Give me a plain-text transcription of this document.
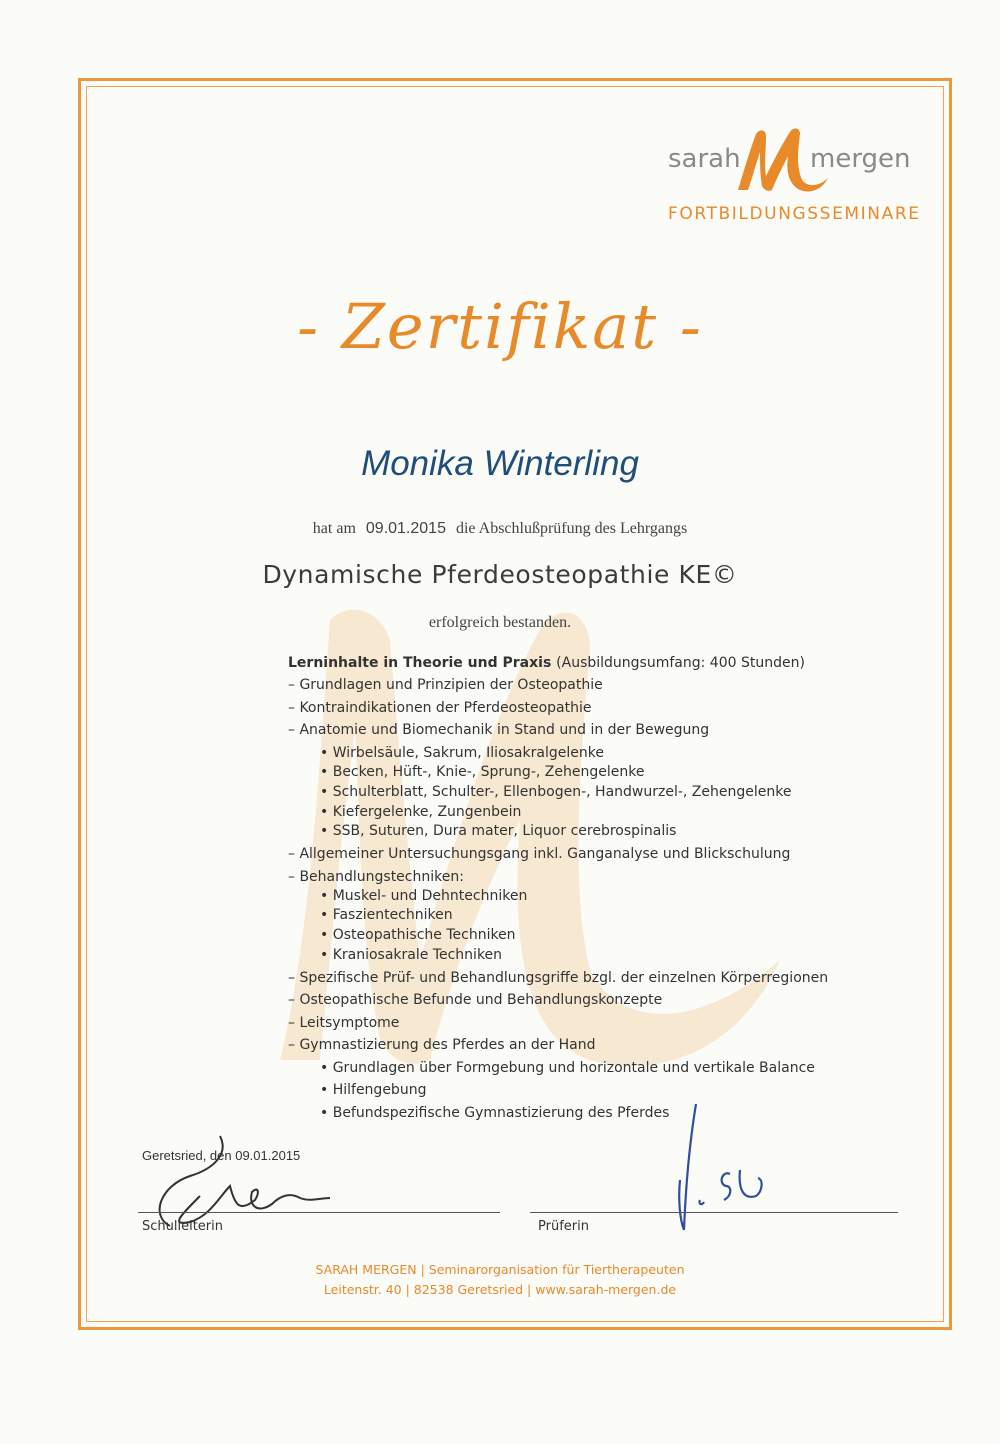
sarah	mergen
FORTBILDUNGSSEMINARE
- Zertifikat -
Monika Winterling
hat am 09.01.2015 die Abschlußprüfung des Lehrgangs
Dynamische Pferdeosteopathie KE©
erfolgreich bestanden.
Lerninhalte in Theorie und Praxis (Ausbildungsumfang: 400 Stunden)
– Grundlagen und Prinzipien der Osteopathie
– Kontraindikationen der Pferdeosteopathie
– Anatomie und Biomechanik in Stand und in der Bewegung
• Wirbelsäule, Sakrum, Iliosakralgelenke
• Becken, Hüft-, Knie-, Sprung-, Zehengelenke
• Schulterblatt, Schulter-, Ellenbogen-, Handwurzel-, Zehengelenke
• Kiefergelenke, Zungenbein
• SSB, Suturen, Dura mater, Liquor cerebrospinalis
– Allgemeiner Untersuchungsgang inkl. Ganganalyse und Blickschulung
– Behandlungstechniken:
• Muskel- und Dehntechniken
• Faszientechniken
• Osteopathische Techniken
• Kraniosakrale Techniken
– Spezifische Prüf- und Behandlungsgriffe bzgl. der einzelnen Körperregionen
– Osteopathische Befunde und Behandlungskonzepte
– Leitsymptome
– Gymnastizierung des Pferdes an der Hand
• Grundlagen über Formgebung und horizontale und vertikale Balance
• Hilfengebung
• Befundspezifische Gymnastizierung des Pferdes
Geretsried, den 09.01.2015
Schulleiterin	Prüferin
SARAH MERGEN | Seminarorganisation für Tiertherapeuten
Leitenstr. 40 | 82538 Geretsried | www.sarah-mergen.de
